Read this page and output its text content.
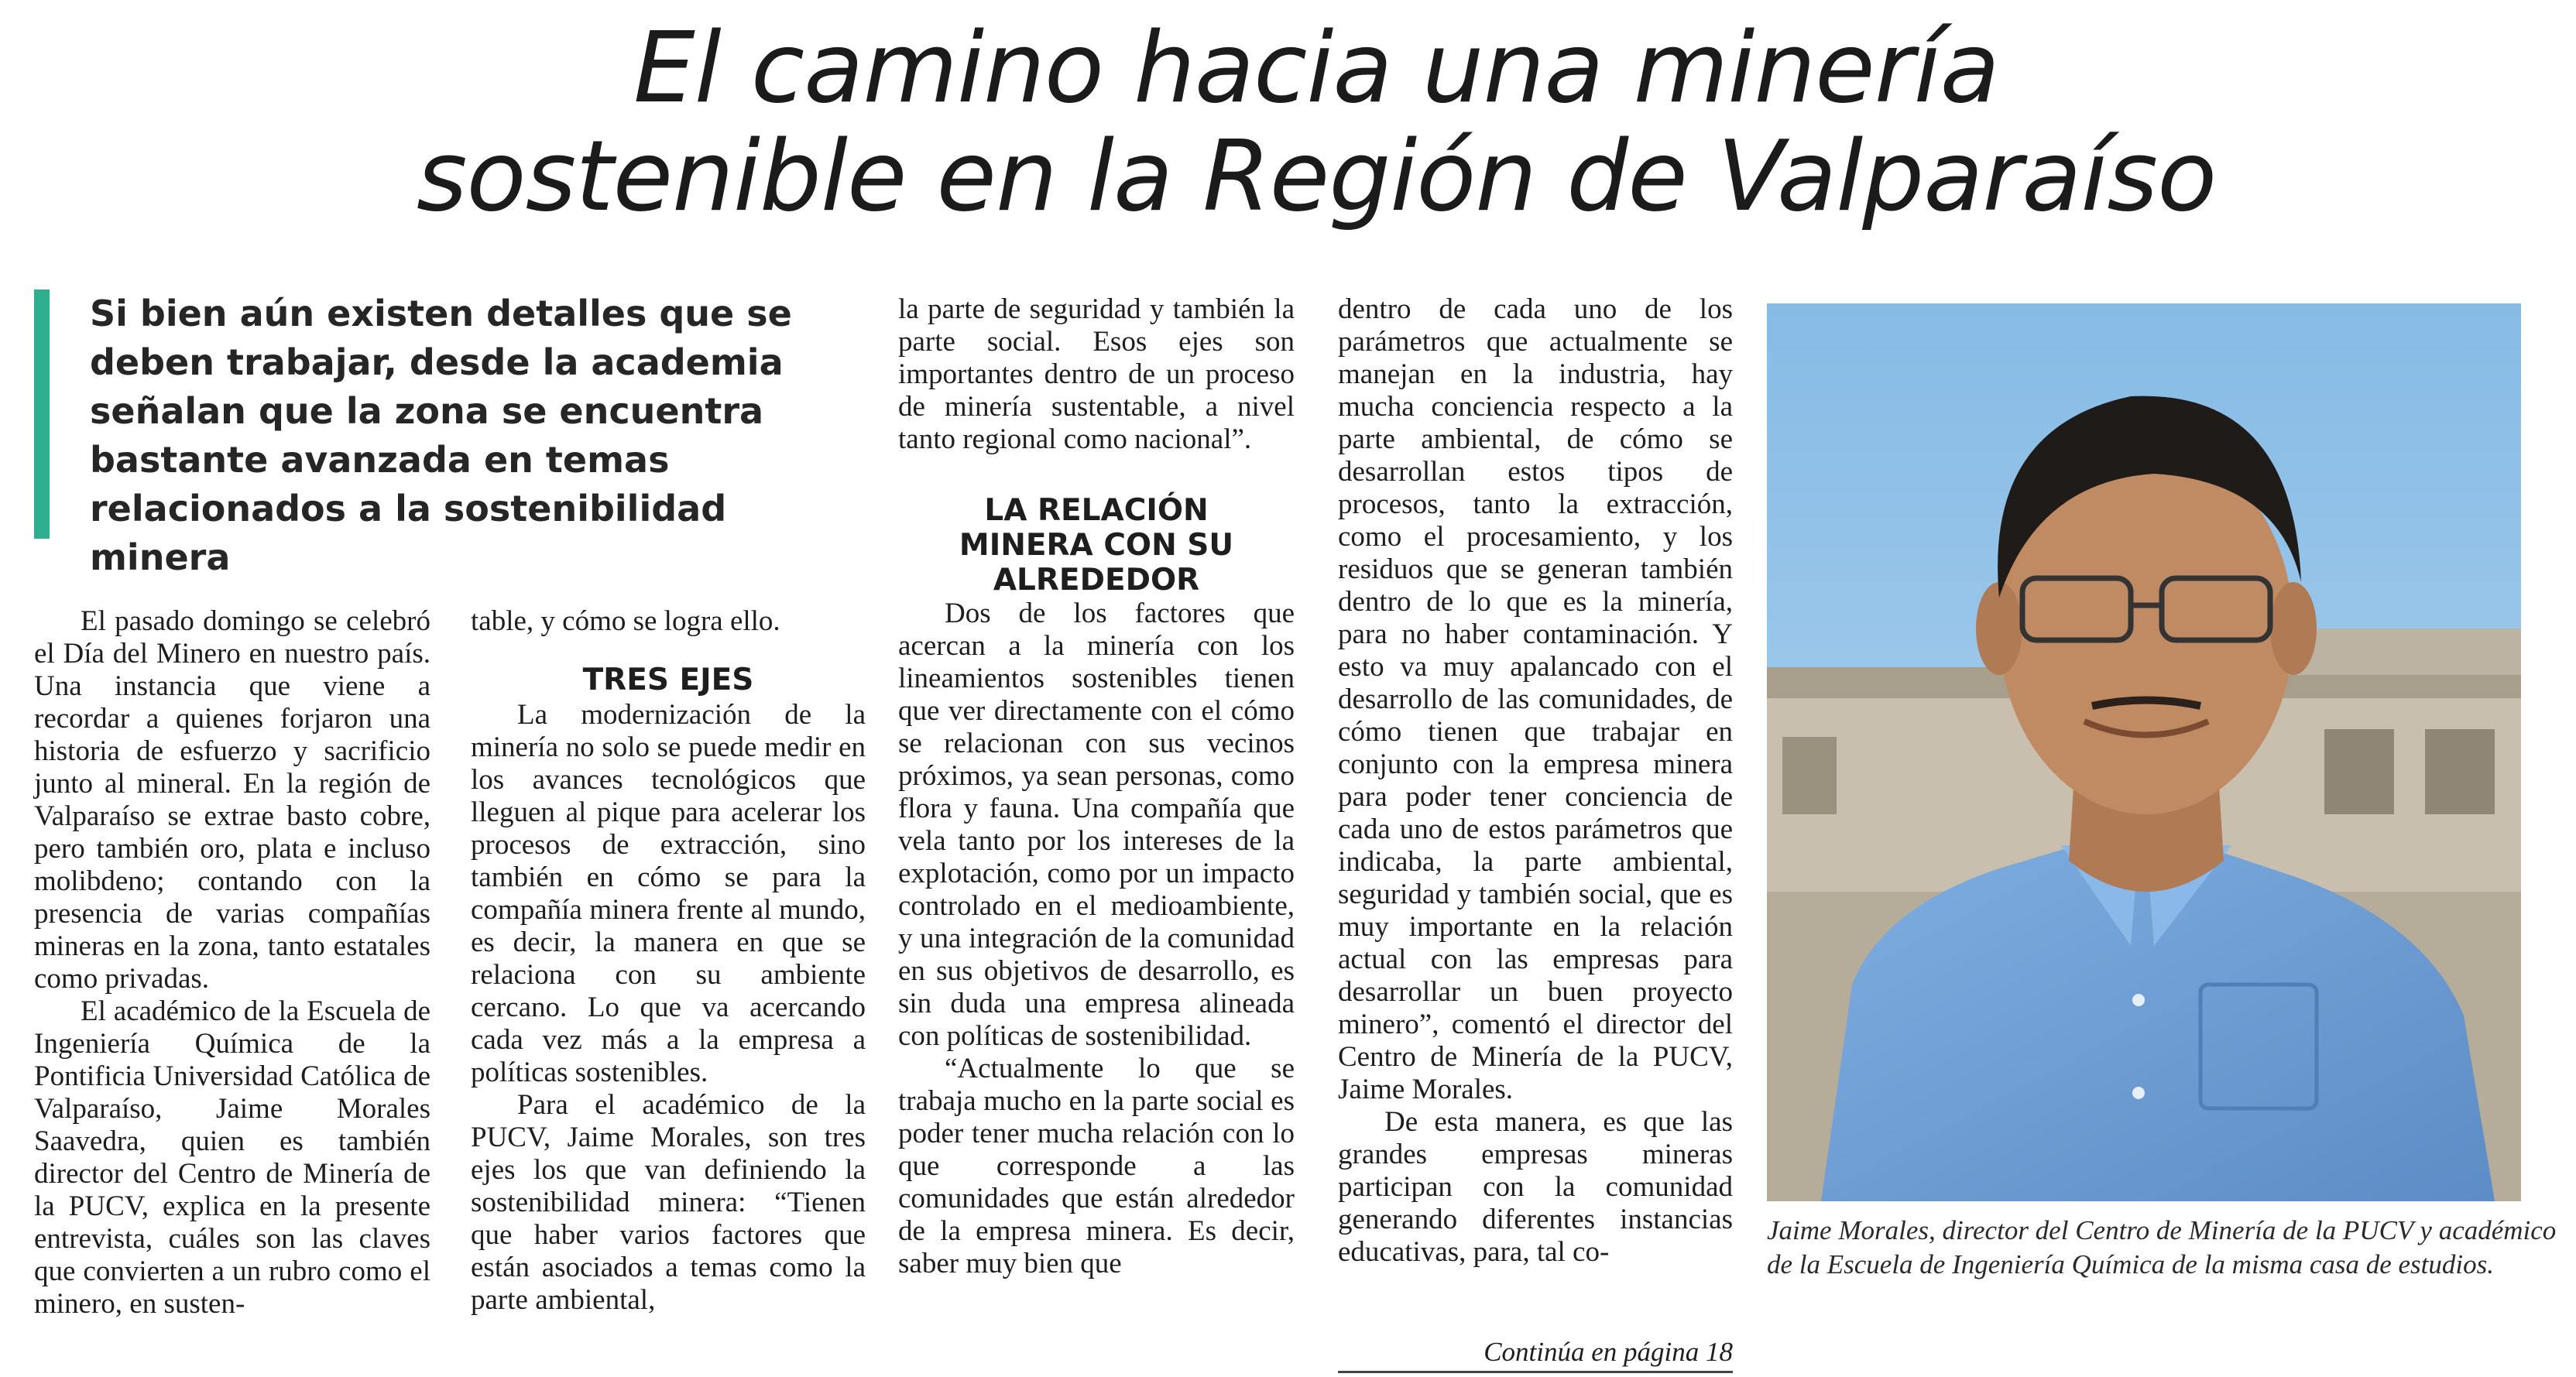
El camino hacia una minería
sostenible en la Región de Valparaíso

Si bien aún existen detalles que se deben trabajar, desde la academia señalan que la zona se encuentra bastante avanzada en temas relacionados a la sostenibilidad minera

El pasado domingo se celebró el Día del Minero en nuestro país. Una instancia que viene a recordar a quienes forjaron una historia de esfuerzo y sacrificio junto al mineral. En la región de Valparaíso se extrae basto cobre, pero también oro, plata e incluso molibdeno; contando con la presencia de varias compañías mineras en la zona, tanto estatales como privadas.

El académico de la Escuela de Ingeniería Química de la Pontificia Universidad Católica de Valparaíso, Jaime Morales Saavedra, quien es también director del Centro de Minería de la PUCV, explica en la presente entrevista, cuáles son las claves que convierten a un rubro como el minero, en susten-

table, y cómo se logra ello.

TRES EJES

La modernización de la minería no solo se puede medir en los avances tecnológicos que lleguen al pique para acelerar los procesos de extracción, sino también en cómo se para la compañía minera frente al mundo, es decir, la manera en que se relaciona con su ambiente cercano. Lo que va acercando cada vez más a la empresa a políticas sostenibles.

Para el académico de la PUCV, Jaime Morales, son tres ejes los que van definiendo la sostenibilidad minera: “Tienen que haber varios factores que están asociados a temas como la parte ambiental,

la parte de seguridad y también la parte social. Esos ejes son importantes dentro de un proceso de minería sustentable, a nivel tanto regional como nacional”.

LA RELACIÓN MINERA CON SU ALREDEDOR

Dos de los factores que acercan a la minería con los lineamientos sostenibles tienen que ver directamente con el cómo se relacionan con sus vecinos próximos, ya sean personas, como flora y fauna. Una compañía que vela tanto por los intereses de la explotación, como por un impacto controlado en el medioambiente, y una integración de la comunidad en sus objetivos de desarrollo, es sin duda una empresa alineada con políticas de sostenibilidad.

“Actualmente lo que se trabaja mucho en la parte social es poder tener mucha relación con lo que corresponde a las comunidades que están alrededor de la empresa minera. Es decir, saber muy bien que

dentro de cada uno de los parámetros que actualmente se manejan en la industria, hay mucha conciencia respecto a la parte ambiental, de cómo se desarrollan estos tipos de procesos, tanto la extracción, como el procesamiento, y los residuos que se generan también dentro de lo que es la minería, para no haber contaminación. Y esto va muy apalancado con el desarrollo de las comunidades, de cómo tienen que trabajar en conjunto con la empresa minera para poder tener conciencia de cada uno de estos parámetros que indicaba, la parte ambiental, seguridad y también social, que es muy importante en la relación actual con las empresas para desarrollar un buen proyecto minero”, comentó el director del Centro de Minería de la PUCV, Jaime Morales.

De esta manera, es que las grandes empresas mineras participan con la comunidad generando diferentes instancias educativas, para, tal co-

Continúa en página 18

Jaime Morales, director del Centro de Minería de la PUCV y académico de la Escuela de Ingeniería Química de la misma casa de estudios.
